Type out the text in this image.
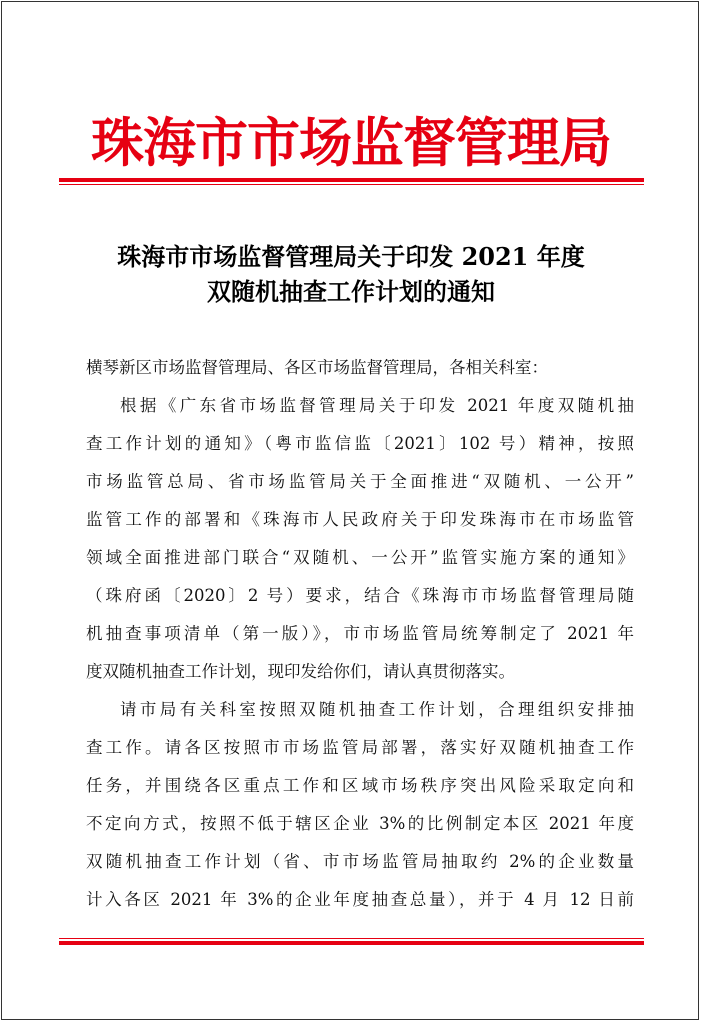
珠海市市场监督管理局
珠海市市场监督管理局关于印发 2021 年度
双随机抽查工作计划的通知
横琴新区市场监督管理局、各区市场监督管理局，各相关科室：
根据《广东省市场监督管理局关于印发 2021 年度双随机抽
查工作计划的通知》（粤市监信监〔2021〕102 号）精神，按照
市场监管总局、省市场监管局关于全面推进“双随机、一公开”
监管工作的部署和《珠海市人民政府关于印发珠海市在市场监管
领域全面推进部门联合“双随机、一公开”监管实施方案的通知》
（珠府函〔2020〕2 号）要求，结合《珠海市市场监督管理局随
机抽查事项清单（第一版）》，市市场监管局统筹制定了 2021 年
度双随机抽查工作计划，现印发给你们，请认真贯彻落实。
请市局有关科室按照双随机抽查工作计划，合理组织安排抽
查工作。请各区按照市市场监管局部署，落实好双随机抽查工作
任务，并围绕各区重点工作和区域市场秩序突出风险采取定向和
不定向方式，按照不低于辖区企业 3%的比例制定本区 2021 年度
双随机抽查工作计划（省、市市场监管局抽取约 2%的企业数量
计入各区 2021 年 3%的企业年度抽查总量），并于 4 月 12 日前
